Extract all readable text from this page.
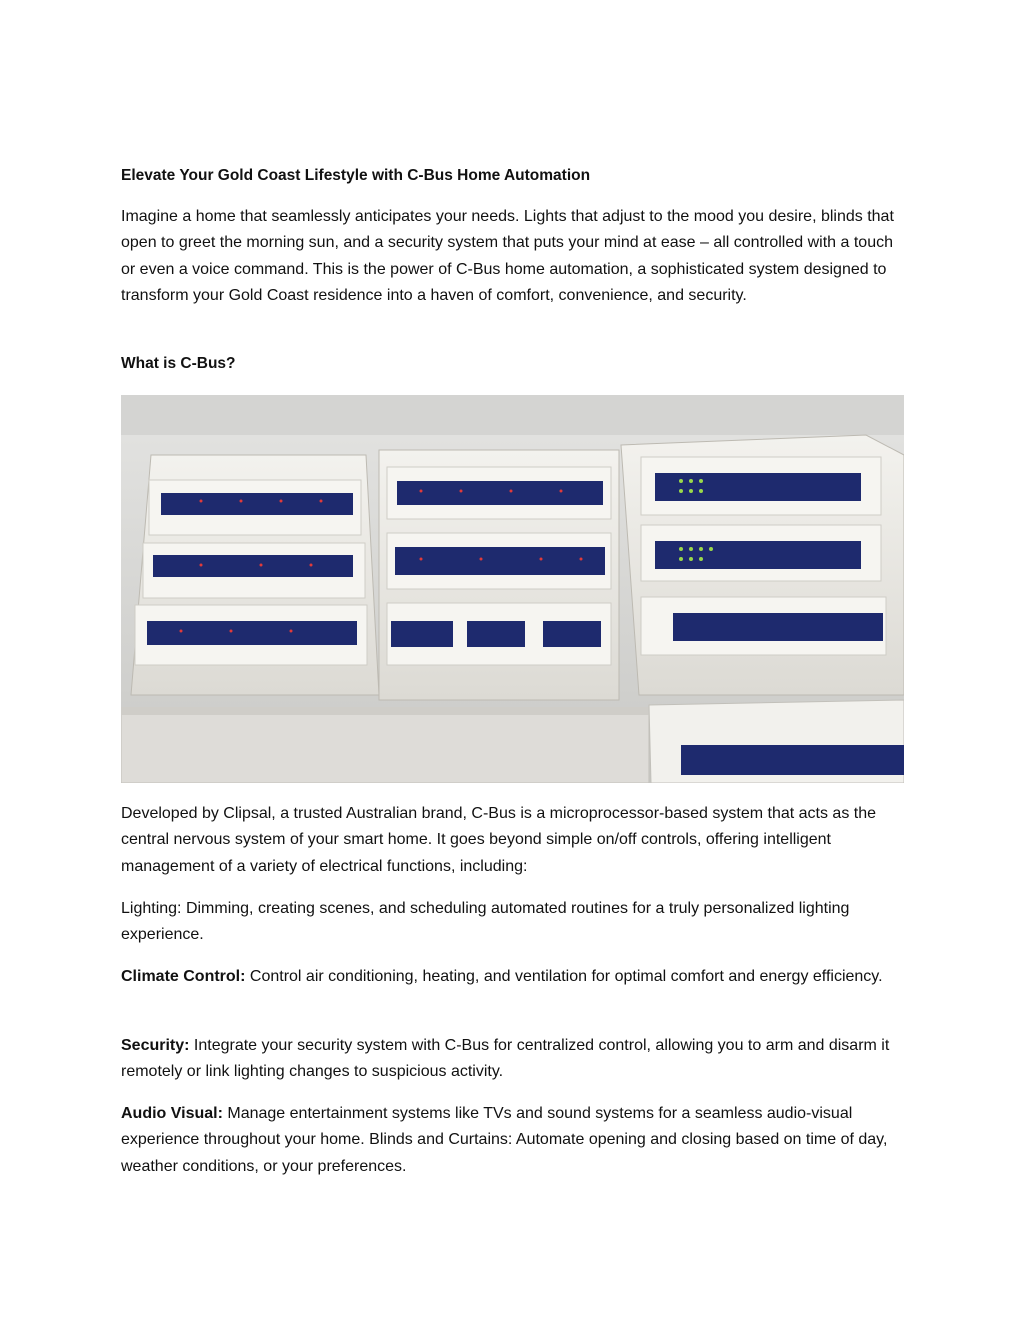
Elevate Your Gold Coast Lifestyle with C-Bus Home Automation

Imagine a home that seamlessly anticipates your needs. Lights that adjust to the mood you desire, blinds that open to greet the morning sun, and a security system that puts your mind at ease – all controlled with a touch or even a voice command. This is the power of C-Bus home automation, a sophisticated system designed to transform your Gold Coast residence into a haven of comfort, convenience, and security.

What is C-Bus?

Developed by Clipsal, a trusted Australian brand, C-Bus is a microprocessor-based system that acts as the central nervous system of your smart home. It goes beyond simple on/off controls, offering intelligent management of a variety of electrical functions, including:

Lighting: Dimming, creating scenes, and scheduling automated routines for a truly personalized lighting experience.

Climate Control: Control air conditioning, heating, and ventilation for optimal comfort and energy efficiency.

Security: Integrate your security system with C-Bus for centralized control, allowing you to arm and disarm it remotely or link lighting changes to suspicious activity.

Audio Visual: Manage entertainment systems like TVs and sound systems for a seamless audio-visual experience throughout your home. Blinds and Curtains: Automate opening and closing based on time of day, weather conditions, or your preferences.
